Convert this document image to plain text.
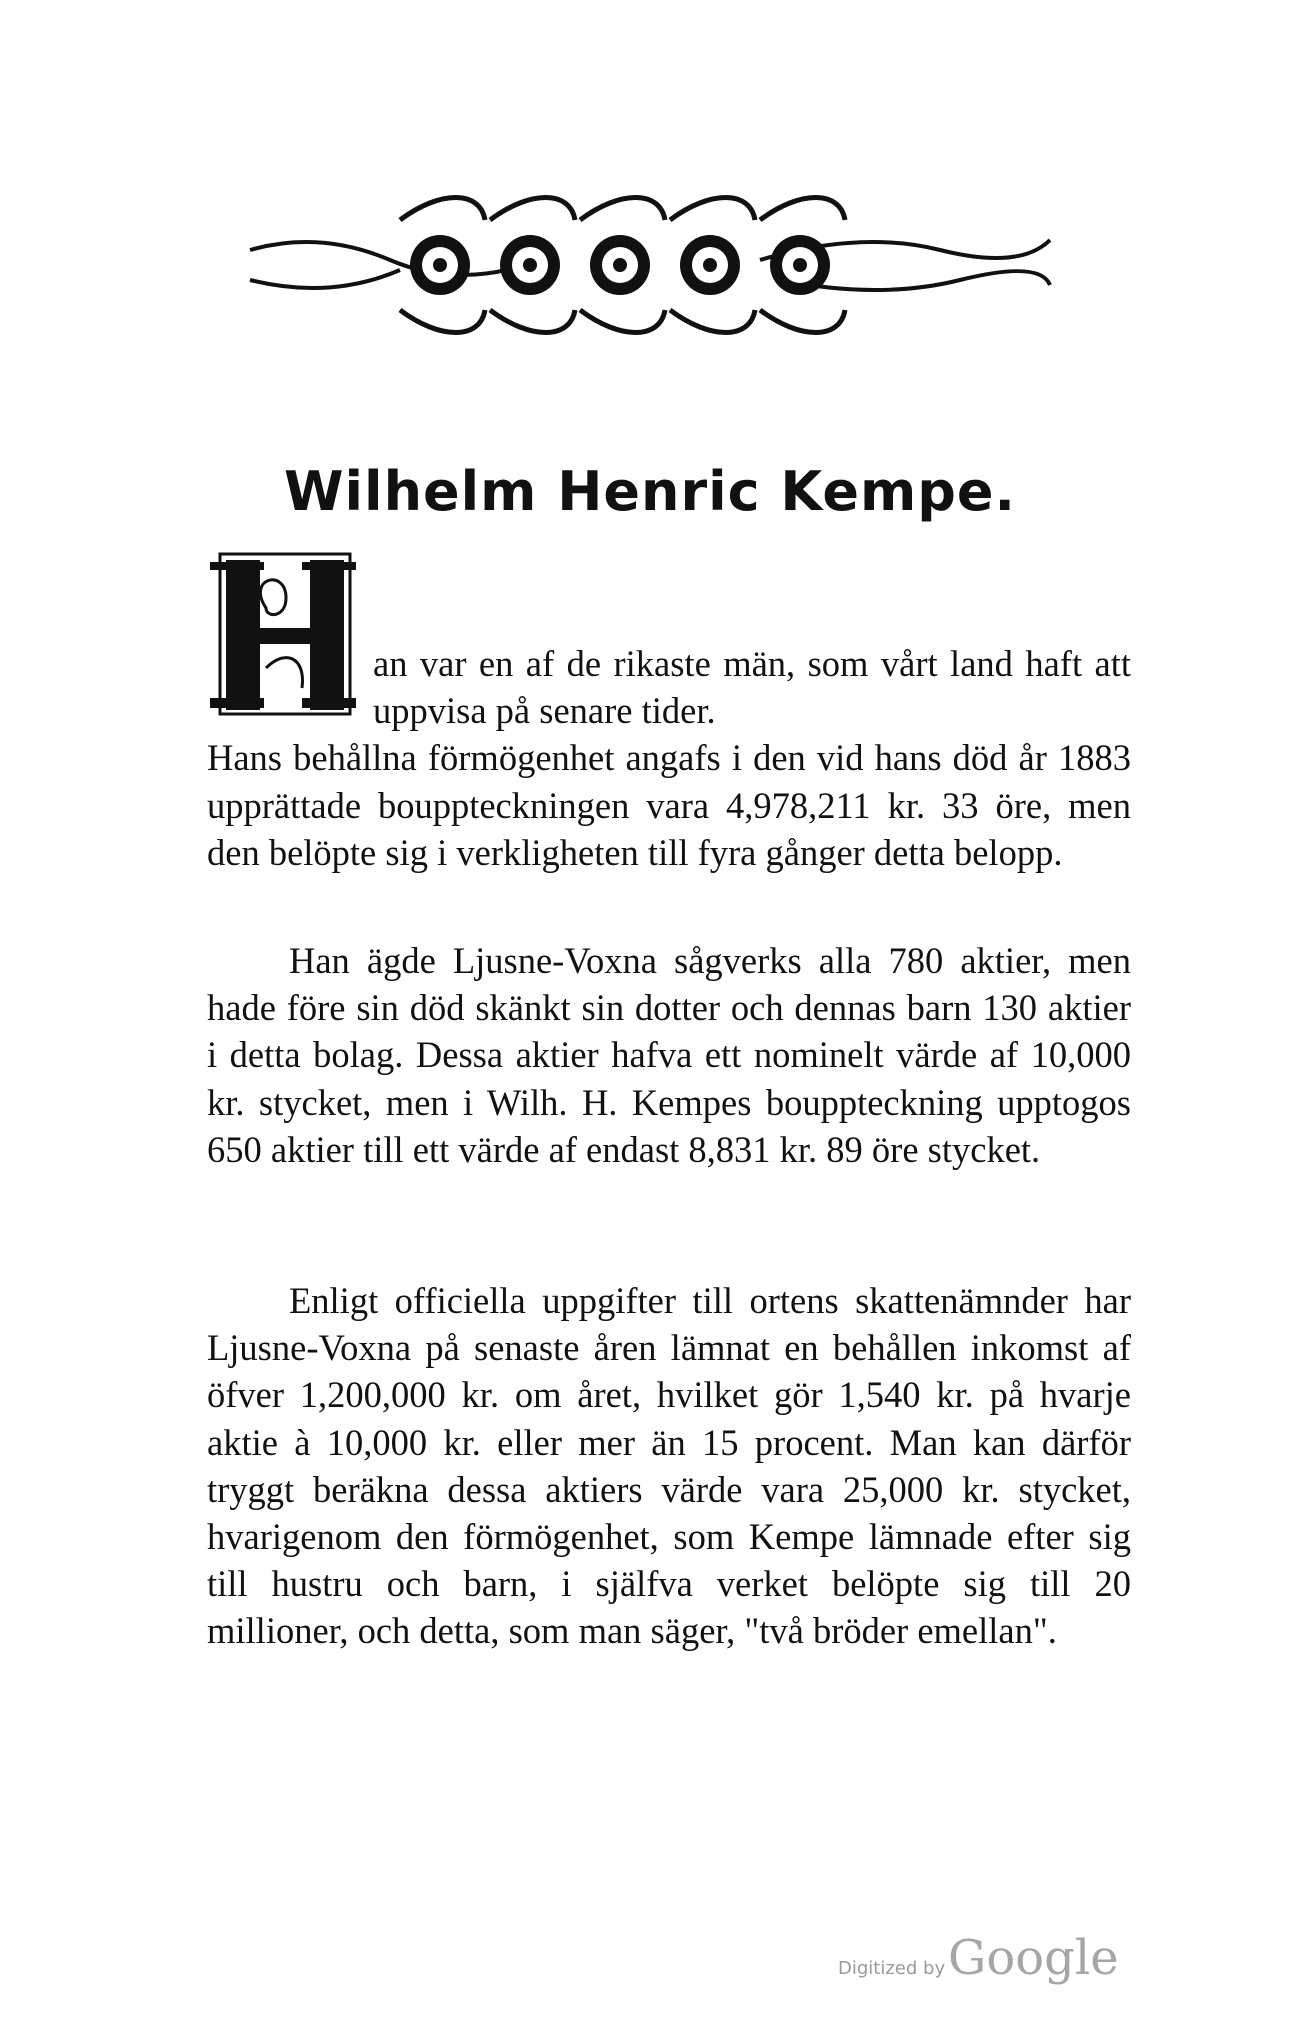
Wilhelm Henric Kempe.
H

an var en af de rikaste män, som vårt land haft att uppvisa på senare tider.
Hans behållna förmögenhet angafs i den vid hans död år 1883 upprättade bouppteckningen vara 4,978,211 kr. 33 öre, men den belöpte sig i verkligheten till fyra gånger detta belopp.

Han ägde Ljusne-Voxna sågverks alla 780 aktier, men hade före sin död skänkt sin dotter och dennas barn 130 aktier i detta bolag. Dessa aktier hafva ett nominelt värde af 10,000 kr. stycket, men i Wilh. H. Kempes bouppteckning upptogos 650 aktier till ett värde af endast 8,831 kr. 89 öre stycket.

Enligt officiella uppgifter till ortens skattenämnder har Ljusne-Voxna på senaste åren lämnat en behållen inkomst af öfver 1,200,000 kr. om året, hvilket gör 1,540 kr. på hvarje aktie à 10,000 kr. eller mer än 15 procent. Man kan därför tryggt beräkna dessa aktiers värde vara 25,000 kr. stycket, hvarigenom den förmögenhet, som Kempe lämnade efter sig till hustru och barn, i själfva verket belöpte sig till 20 millioner, och detta, som man säger, "två bröder emellan".

Digitized by Google
